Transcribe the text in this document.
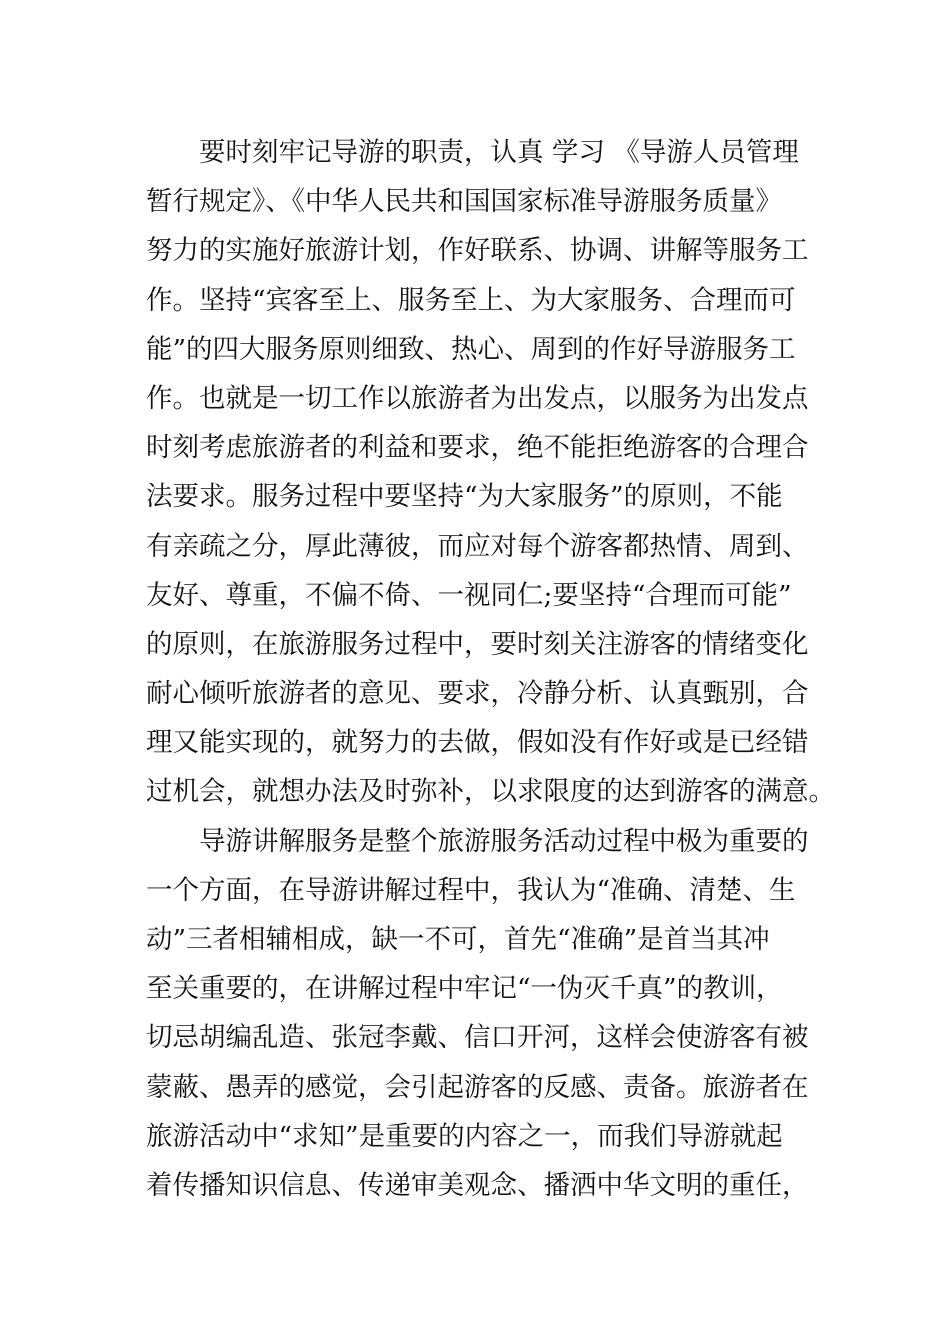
要时刻牢记导游的职责，认真 学习 《导游人员管理
暂行规定》、《中华人民共和国国家标准导游服务质量》
努力的实施好旅游计划，作好联系、协调、讲解等服务工
作。坚持“宾客至上、服务至上、为大家服务、合理而可
能”的四大服务原则细致、热心、周到的作好导游服务工
作。也就是一切工作以旅游者为出发点，以服务为出发点
时刻考虑旅游者的利益和要求，绝不能拒绝游客的合理合
法要求。服务过程中要坚持“为大家服务”的原则，不能
有亲疏之分，厚此薄彼，而应对每个游客都热情、周到、
友好、尊重，不偏不倚、一视同仁;要坚持“合理而可能”
的原则，在旅游服务过程中，要时刻关注游客的情绪变化
耐心倾听旅游者的意见、要求，冷静分析、认真甄别，合
理又能实现的，就努力的去做，假如没有作好或是已经错
过机会，就想办法及时弥补，以求限度的达到游客的满意。
导游讲解服务是整个旅游服务活动过程中极为重要的
一个方面，在导游讲解过程中，我认为“准确、清楚、生
动”三者相辅相成，缺一不可，首先“准确”是首当其冲
至关重要的，在讲解过程中牢记“一伪灭千真”的教训，
切忌胡编乱造、张冠李戴、信口开河，这样会使游客有被
蒙蔽、愚弄的感觉，会引起游客的反感、责备。旅游者在
旅游活动中“求知”是重要的内容之一，而我们导游就起
着传播知识信息、传递审美观念、播洒中华文明的重任，
